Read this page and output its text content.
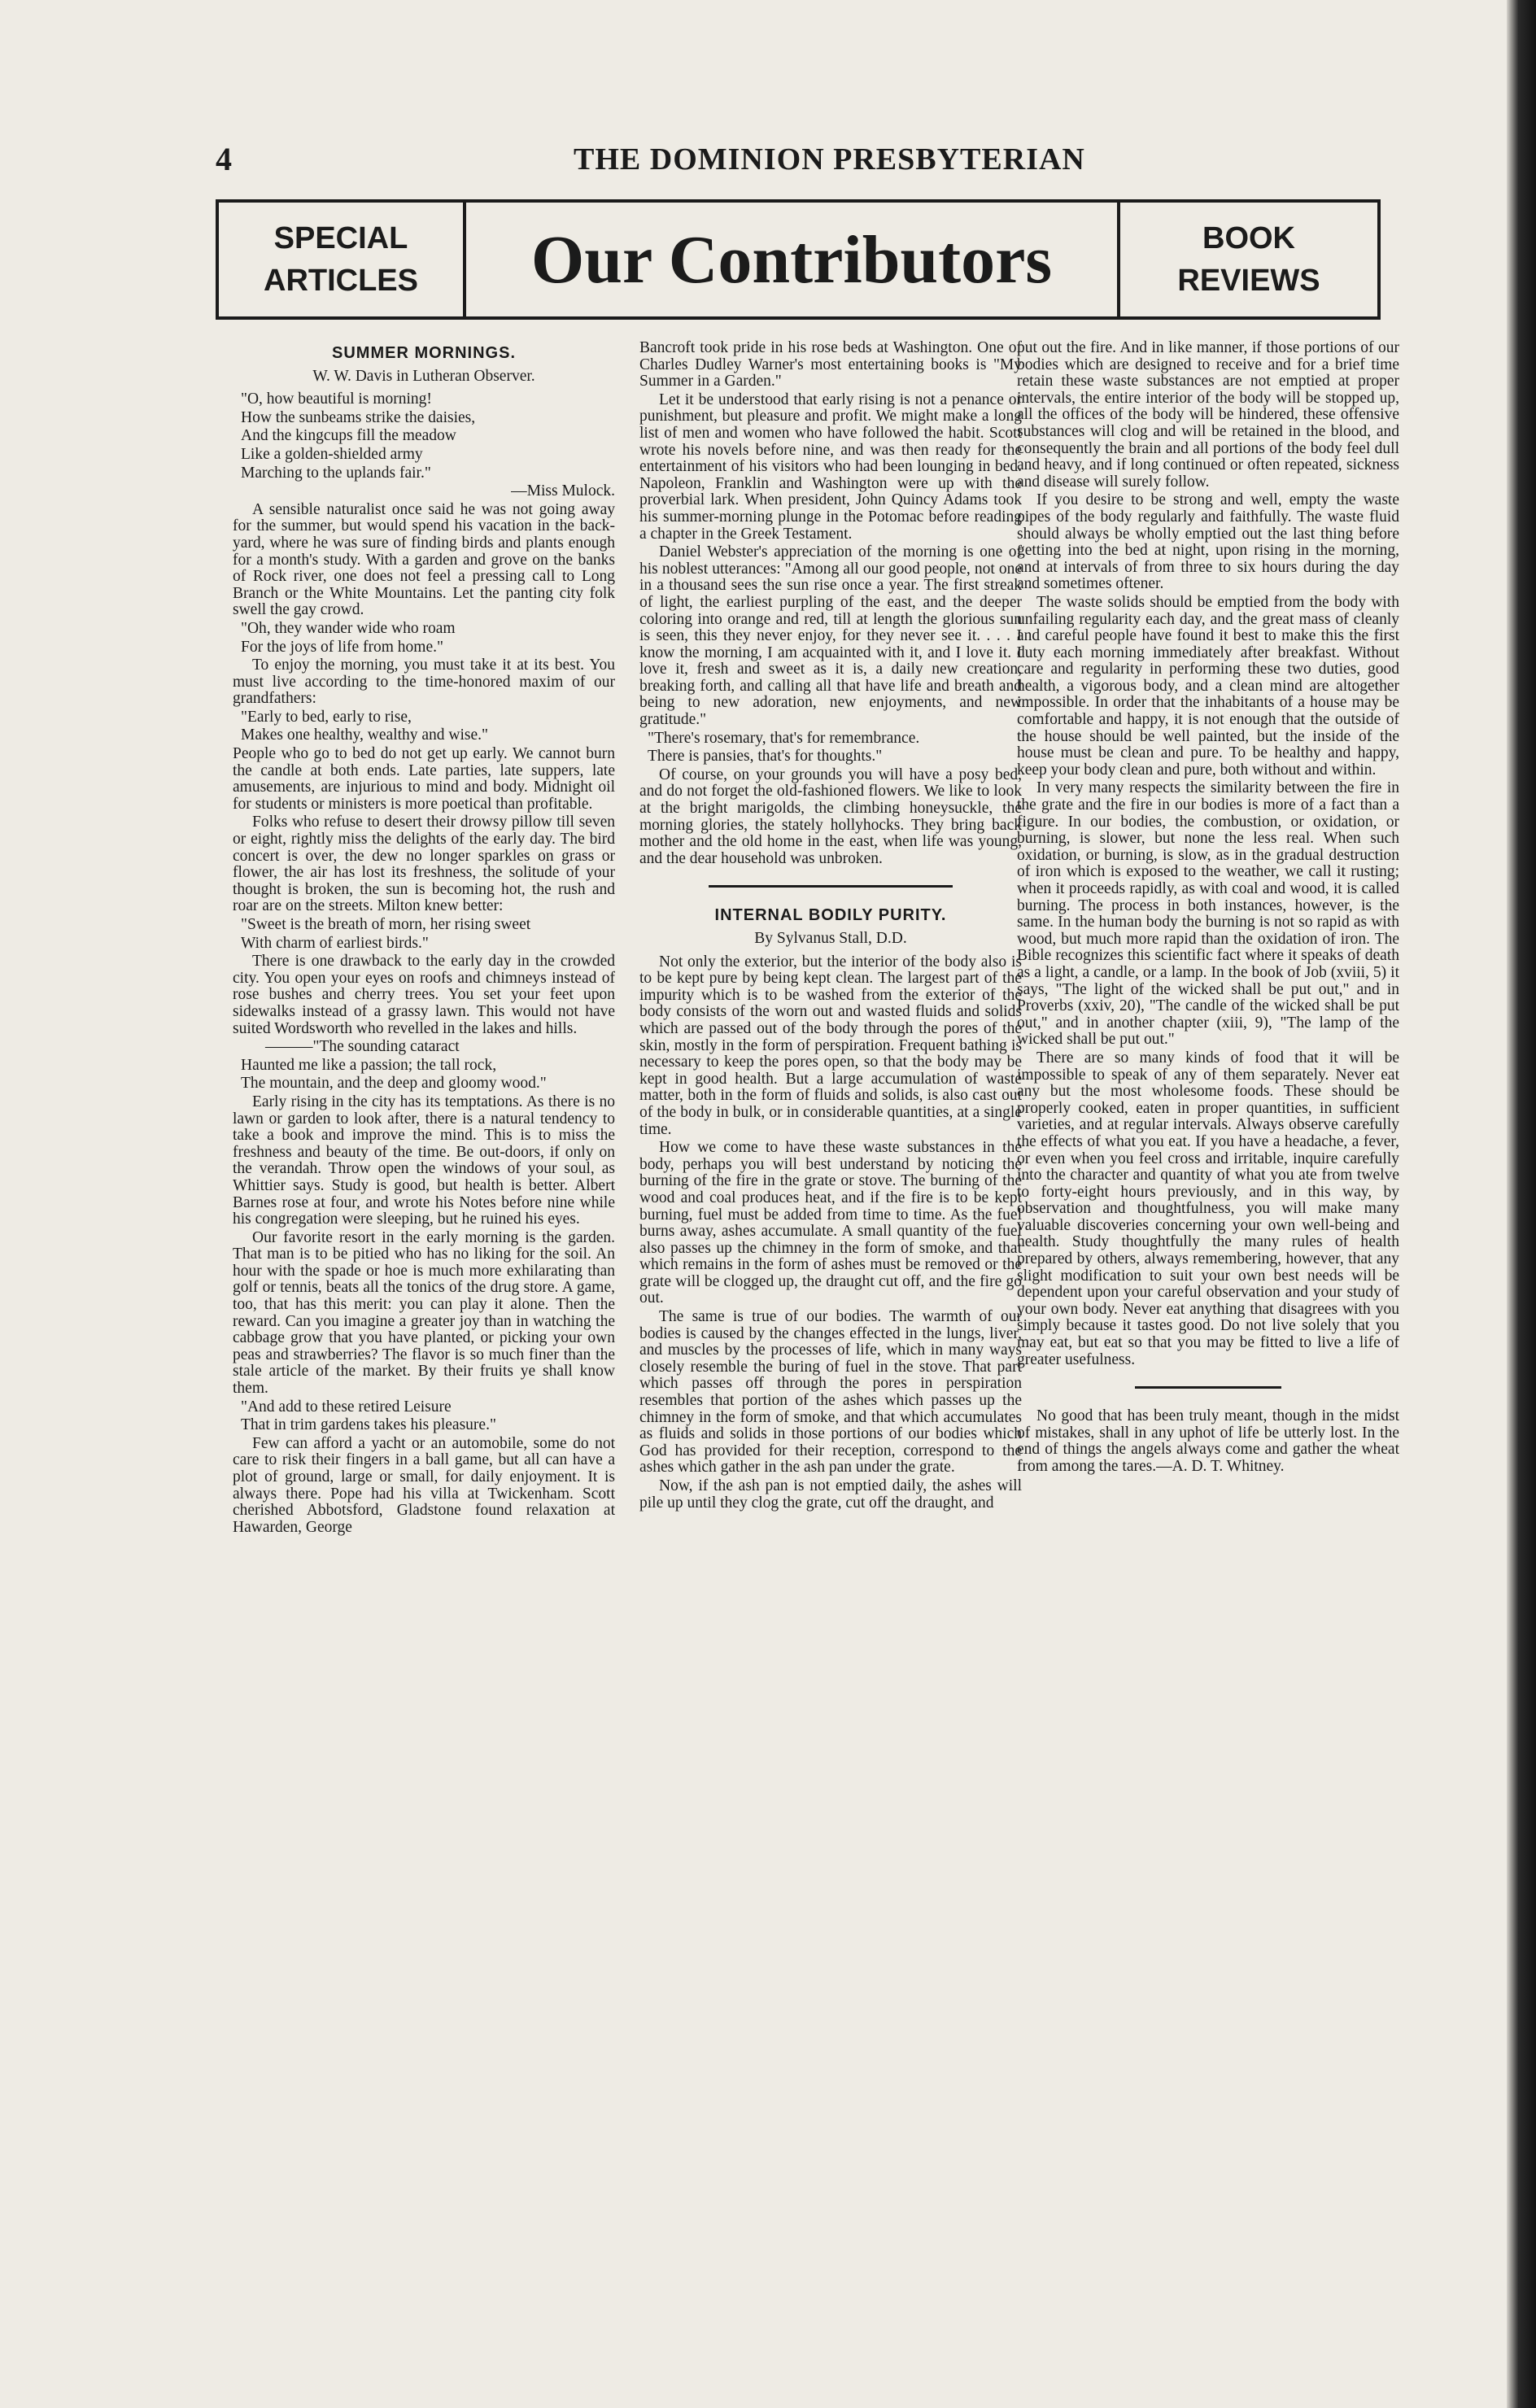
4	THE DOMINION PRESBYTERIAN
SPECIAL
ARTICLES	Our Contributors	BOOK
REVIEWS
SUMMER MORNINGS.

W. W. Davis in Lutheran Observer.

"O, how beautiful is morning!

How the sunbeams strike the daisies,

And the kingcups fill the meadow

Like a golden-shielded army

Marching to the uplands fair."

—Miss Mulock.

A sensible naturalist once said he was not going away for the summer, but would spend his vacation in the back-yard, where he was sure of finding birds and plants enough for a month's study. With a garden and grove on the banks of Rock river, one does not feel a pressing call to Long Branch or the White Mountains. Let the panting city folk swell the gay crowd.

"Oh, they wander wide who roam

For the joys of life from home."

To enjoy the morning, you must take it at its best. You must live according to the time-honored maxim of our grandfathers:

"Early to bed, early to rise,

Makes one healthy, wealthy and wise."

People who go to bed do not get up early. We cannot burn the candle at both ends. Late parties, late suppers, late amusements, are injurious to mind and body. Midnight oil for students or ministers is more poetical than profitable.

Folks who refuse to desert their drowsy pillow till seven or eight, rightly miss the delights of the early day. The bird concert is over, the dew no longer sparkles on grass or flower, the air has lost its freshness, the solitude of your thought is broken, the sun is becoming hot, the rush and roar are on the streets. Milton knew better:

"Sweet is the breath of morn, her rising sweet

With charm of earliest birds."

There is one drawback to the early day in the crowded city. You open your eyes on roofs and chimneys instead of rose bushes and cherry trees. You set your feet upon sidewalks instead of a grassy lawn. This would not have suited Wordsworth who revelled in the lakes and hills.

———"The sounding cataract

Haunted me like a passion; the tall rock,

The mountain, and the deep and gloomy wood."

Early rising in the city has its temptations. As there is no lawn or garden to look after, there is a natural tendency to take a book and improve the mind. This is to miss the freshness and beauty of the time. Be out-doors, if only on the verandah. Throw open the windows of your soul, as Whittier says. Study is good, but health is better. Albert Barnes rose at four, and wrote his Notes before nine while his congregation were sleeping, but he ruined his eyes.

Our favorite resort in the early morning is the garden. That man is to be pitied who has no liking for the soil. An hour with the spade or hoe is much more exhilarating than golf or tennis, beats all the tonics of the drug store. A game, too, that has this merit: you can play it alone. Then the reward. Can you imagine a greater joy than in watching the cabbage grow that you have planted, or picking your own peas and strawberries? The flavor is so much finer than the stale article of the market. By their fruits ye shall know them.

"And add to these retired Leisure

That in trim gardens takes his pleasure."

Few can afford a yacht or an automobile, some do not care to risk their fingers in a ball game, but all can have a plot of ground, large or small, for daily enjoyment. It is always there. Pope had his villa at Twickenham. Scott cherished Abbotsford, Gladstone found relaxation at Hawarden, George

Bancroft took pride in his rose beds at Washington. One of Charles Dudley Warner's most entertaining books is "My Summer in a Garden."

Let it be understood that early rising is not a penance or punishment, but pleasure and profit. We might make a long list of men and women who have followed the habit. Scott wrote his novels before nine, and was then ready for the entertainment of his visitors who had been lounging in bed. Napoleon, Franklin and Washington were up with the proverbial lark. When president, John Quincy Adams took his summer-morning plunge in the Potomac before reading a chapter in the Greek Testament.

Daniel Webster's appreciation of the morning is one of his noblest utterances: "Among all our good people, not one in a thousand sees the sun rise once a year. The first streak of light, the earliest purpling of the east, and the deeper coloring into orange and red, till at length the glorious sun is seen, this they never enjoy, for they never see it. . . . I know the morning, I am acquainted with it, and I love it. I love it, fresh and sweet as it is, a daily new creation, breaking forth, and calling all that have life and breath and being to new adoration, new enjoyments, and new gratitude."

"There's rosemary, that's for remembrance.

There is pansies, that's for thoughts."

Of course, on your grounds you will have a posy bed, and do not forget the old-fashioned flowers. We like to look at the bright marigolds, the climbing honeysuckle, the morning glories, the stately hollyhocks. They bring back mother and the old home in the east, when life was young, and the dear household was unbroken.

INTERNAL BODILY PURITY.

By Sylvanus Stall, D.D.

Not only the exterior, but the interior of the body also is to be kept pure by being kept clean. The largest part of the impurity which is to be washed from the exterior of the body consists of the worn out and wasted fluids and solids which are passed out of the body through the pores of the skin, mostly in the form of perspiration. Frequent bathing is necessary to keep the pores open, so that the body may be kept in good health. But a large accumulation of waste matter, both in the form of fluids and solids, is also cast out of the body in bulk, or in considerable quantities, at a single time.

How we come to have these waste substances in the body, perhaps you will best understand by noticing the burning of the fire in the grate or stove. The burning of the wood and coal produces heat, and if the fire is to be kept burning, fuel must be added from time to time. As the fuel burns away, ashes accumulate. A small quantity of the fuel also passes up the chimney in the form of smoke, and that which remains in the form of ashes must be removed or the grate will be clogged up, the draught cut off, and the fire go out.

The same is true of our bodies. The warmth of our bodies is caused by the changes effected in the lungs, liver, and muscles by the processes of life, which in many ways closely resemble the buring of fuel in the stove. That part which passes off through the pores in perspiration resembles that portion of the ashes which passes up the chimney in the form of smoke, and that which accumulates as fluids and solids in those portions of our bodies which God has provided for their reception, correspond to the ashes which gather in the ash pan under the grate.

Now, if the ash pan is not emptied daily, the ashes will pile up until they clog the grate, cut off the draught, and

put out the fire. And in like manner, if those portions of our bodies which are designed to receive and for a brief time retain these waste substances are not emptied at proper intervals, the entire interior of the body will be stopped up, all the offices of the body will be hindered, these offensive substances will clog and will be retained in the blood, and consequently the brain and all portions of the body feel dull and heavy, and if long continued or often repeated, sickness and disease will surely follow.

If you desire to be strong and well, empty the waste pipes of the body regularly and faithfully. The waste fluid should always be wholly emptied out the last thing before getting into the bed at night, upon rising in the morning, and at intervals of from three to six hours during the day and sometimes oftener.

The waste solids should be emptied from the body with unfailing regularity each day, and the great mass of cleanly and careful people have found it best to make this the first duty each morning immediately after breakfast. Without care and regularity in performing these two duties, good health, a vigorous body, and a clean mind are altogether impossible. In order that the inhabitants of a house may be comfortable and happy, it is not enough that the outside of the house should be well painted, but the inside of the house must be clean and pure. To be healthy and happy, keep your body clean and pure, both without and within.

In very many respects the similarity between the fire in the grate and the fire in our bodies is more of a fact than a figure. In our bodies, the combustion, or oxidation, or burning, is slower, but none the less real. When such oxidation, or burning, is slow, as in the gradual destruction of iron which is exposed to the weather, we call it rusting; when it proceeds rapidly, as with coal and wood, it is called burning. The process in both instances, however, is the same. In the human body the burning is not so rapid as with wood, but much more rapid than the oxidation of iron. The Bible recognizes this scientific fact where it speaks of death as a light, a candle, or a lamp. In the book of Job (xviii, 5) it says, "The light of the wicked shall be put out," and in Proverbs (xxiv, 20), "The candle of the wicked shall be put out," and in another chapter (xiii, 9), "The lamp of the wicked shall be put out."

There are so many kinds of food that it will be impossible to speak of any of them separately. Never eat any but the most wholesome foods. These should be properly cooked, eaten in proper quantities, in sufficient varieties, and at regular intervals. Always observe carefully the effects of what you eat. If you have a headache, a fever, or even when you feel cross and irritable, inquire carefully into the character and quantity of what you ate from twelve to forty-eight hours previously, and in this way, by observation and thoughtfulness, you will make many valuable discoveries concerning your own well-being and health. Study thoughtfully the many rules of health prepared by others, always remembering, however, that any slight modification to suit your own best needs will be dependent upon your careful observation and your study of your own body. Never eat anything that disagrees with you simply because it tastes good. Do not live solely that you may eat, but eat so that you may be fitted to live a life of greater usefulness.

No good that has been truly meant, though in the midst of mistakes, shall in any uphot of life be utterly lost. In the end of things the angels always come and gather the wheat from among the tares.—A. D. T. Whitney.
